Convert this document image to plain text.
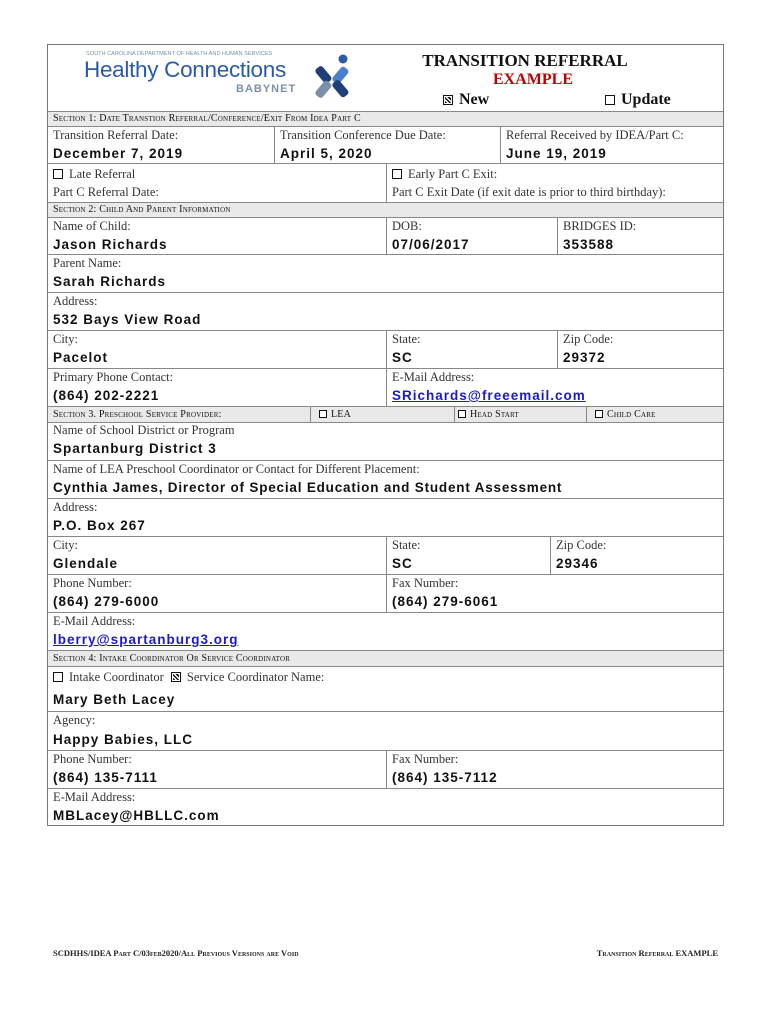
SOUTH CAROLINA DEPARTMENT OF HEALTH AND HUMAN SERVICES
Healthy Connections
BABYNET
TRANSITION REFERRAL
EXAMPLE
New	Update
Section 1: Date Transtion Referral/Conference/Exit From Idea Part C
Transition Referral Date:
December 7, 2019
Transition Conference Due Date:
April 5, 2020
Referral Received by IDEA/Part C:
June 19, 2019
Late Referral
Part C Referral Date:
Early Part C Exit:
Part C Exit Date (if exit date is prior to third birthday):
Section 2: Child And Parent Information
Name of Child:
Jason Richards
DOB:
07/06/2017
BRIDGES ID:
353588
Parent Name:
Sarah Richards
Address:
532 Bays View Road
City:
Pacelot
State:
SC
Zip Code:
29372
Primary Phone Contact:
(864) 202-2221
E-Mail Address:
SRichards@freeemail.com
Section 3. Preschool Service Provider:	LEA	Head Start	Child Care
Name of School District or Program
Spartanburg District 3
Name of LEA Preschool Coordinator or Contact for Different Placement:
Cynthia James, Director of Special Education and Student Assessment
Address:
P.O. Box 267
City:
Glendale
State:
SC
Zip Code:
29346
Phone Number:
(864) 279-6000
Fax Number:
(864) 279-6061
E-Mail Address:
lberry@spartanburg3.org
Section 4: Intake Coordinator Or Service Coordinator
Intake Coordinator Service Coordinator Name:
Mary Beth Lacey
Agency:
Happy Babies, LLC
Phone Number:
(864) 135-7111
Fax Number:
(864) 135-7112
E-Mail Address:
MBLacey@HBLLC.com
SCDHHS/IDEA Part C/03feb2020/All Previous Versions are Void	Transition Referral EXAMPLE
